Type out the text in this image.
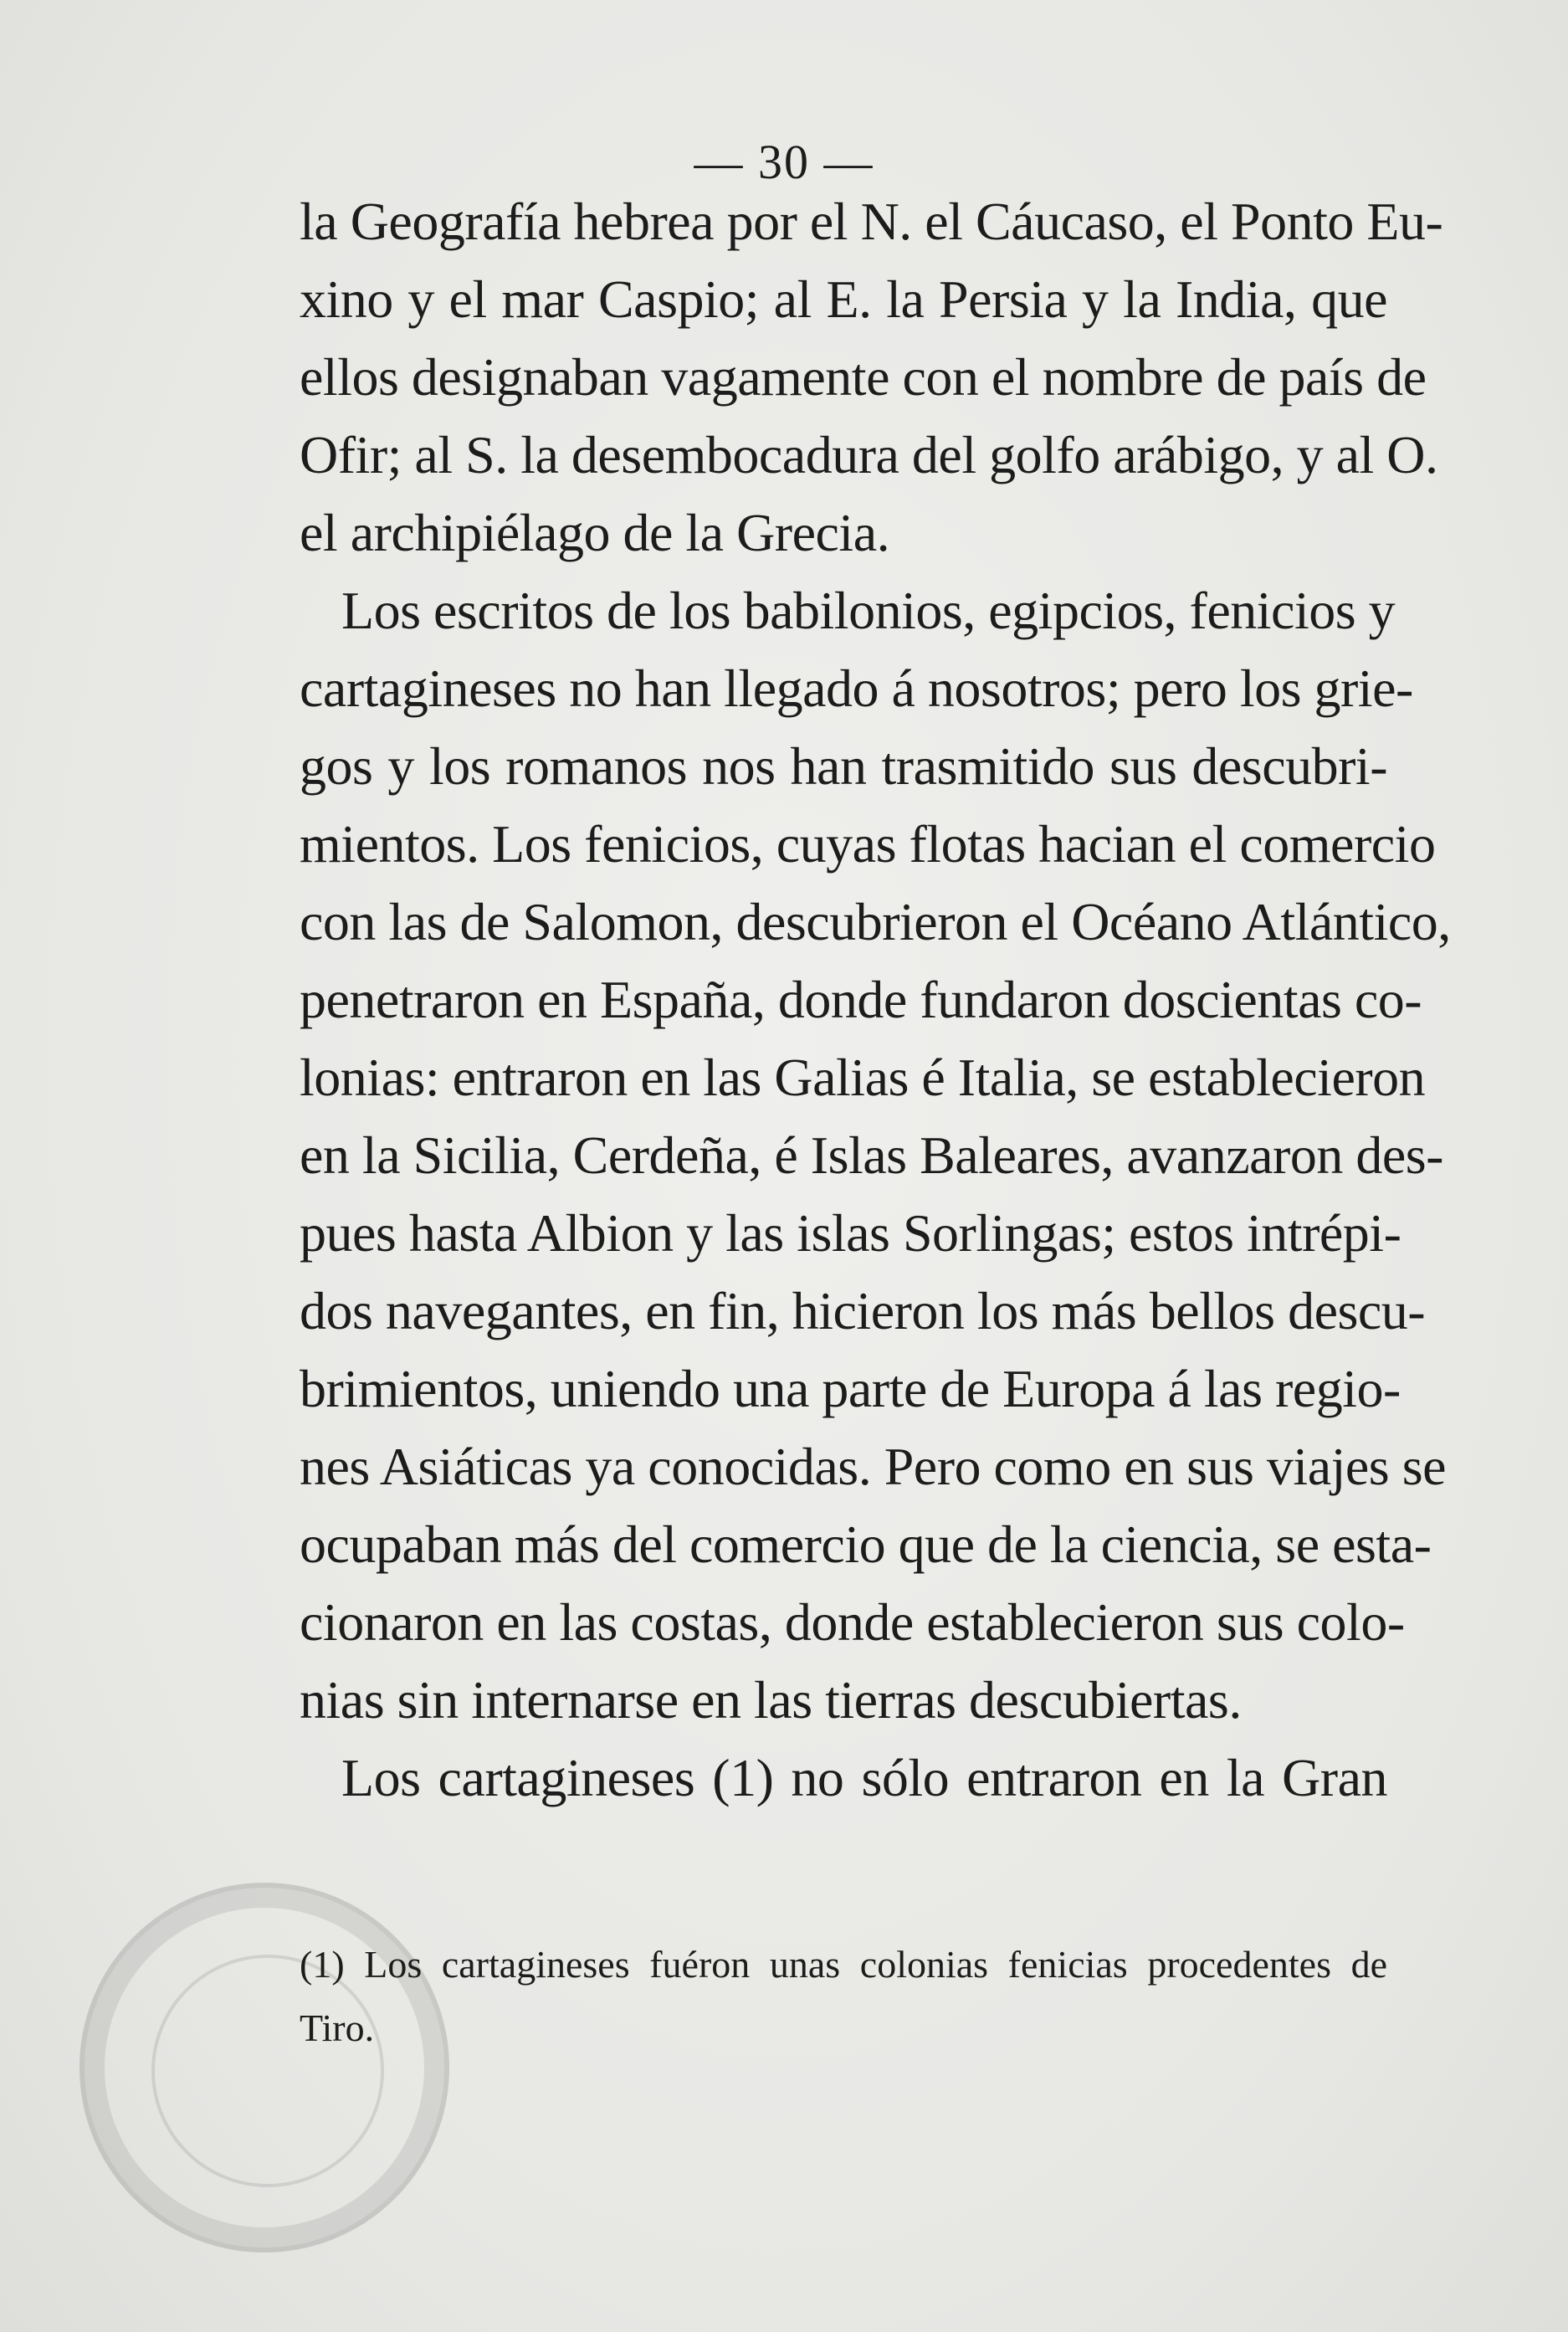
— 30 —
la Geografía hebrea por el N. el Cáucaso, el Ponto Eu-
xino y el mar Caspio; al E. la Persia y la India, que
ellos designaban vagamente con el nombre de país de
Ofir; al S. la desembocadura del golfo arábigo, y al O.
el archipiélago de la Grecia.
Los escritos de los babilonios, egipcios, fenicios y
cartagineses no han llegado á nosotros; pero los grie-
gos y los romanos nos han trasmitido sus descubri-
mientos. Los fenicios, cuyas flotas hacian el comercio
con las de Salomon, descubrieron el Océano Atlántico,
penetraron en España, donde fundaron doscientas co-
lonias: entraron en las Galias é Italia, se establecieron
en la Sicilia, Cerdeña, é Islas Baleares, avanzaron des-
pues hasta Albion y las islas Sorlingas; estos intrépi-
dos navegantes, en fin, hicieron los más bellos descu-
brimientos, uniendo una parte de Europa á las regio-
nes Asiáticas ya conocidas. Pero como en sus viajes se
ocupaban más del comercio que de la ciencia, se esta-
cionaron en las costas, donde establecieron sus colo-
nias sin internarse en las tierras descubiertas.
Los cartagineses (1) no sólo entraron en la Gran
(1) Los cartagineses fuéron unas colonias fenicias procedentes de
Tiro.
